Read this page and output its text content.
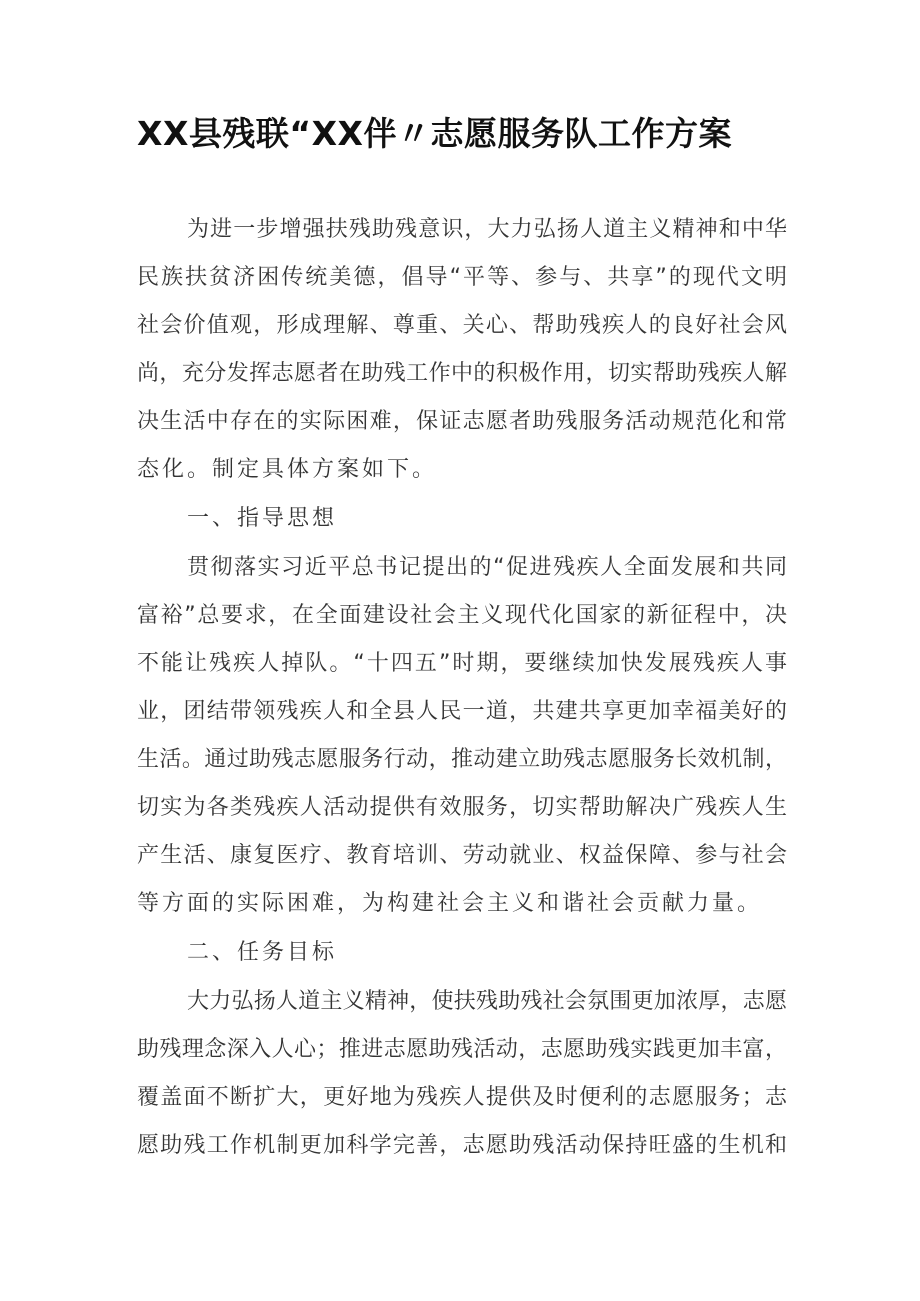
XX县残联“XX伴〃志愿服务队工作方案
为进一步增强扶残助残意识，大力弘扬人道主义精神和中华
民族扶贫济困传统美德，倡导“平等、参与、共享”的现代文明
社会价值观，形成理解、尊重、关心、帮助残疾人的良好社会风
尚，充分发挥志愿者在助残工作中的积极作用，切实帮助残疾人解
决生活中存在的实际困难，保证志愿者助残服务活动规范化和常
态化。制定具体方案如下。
一、指导思想
贯彻落实习近平总书记提出的“促进残疾人全面发展和共同
富裕”总要求，在全面建设社会主义现代化国家的新征程中，决
不能让残疾人掉队。“十四五”时期，要继续加快发展残疾人事
业，团结带领残疾人和全县人民一道，共建共享更加幸福美好的
生活。通过助残志愿服务行动，推动建立助残志愿服务长效机制，
切实为各类残疾人活动提供有效服务，切实帮助解决广残疾人生
产生活、康复医疗、教育培训、劳动就业、权益保障、参与社会
等方面的实际困难，为构建社会主义和谐社会贡献力量。
二、任务目标
大力弘扬人道主义精神，使扶残助残社会氛围更加浓厚，志愿
助残理念深入人心；推进志愿助残活动，志愿助残实践更加丰富，
覆盖面不断扩大，更好地为残疾人提供及时便利的志愿服务；志
愿助残工作机制更加科学完善，志愿助残活动保持旺盛的生机和
